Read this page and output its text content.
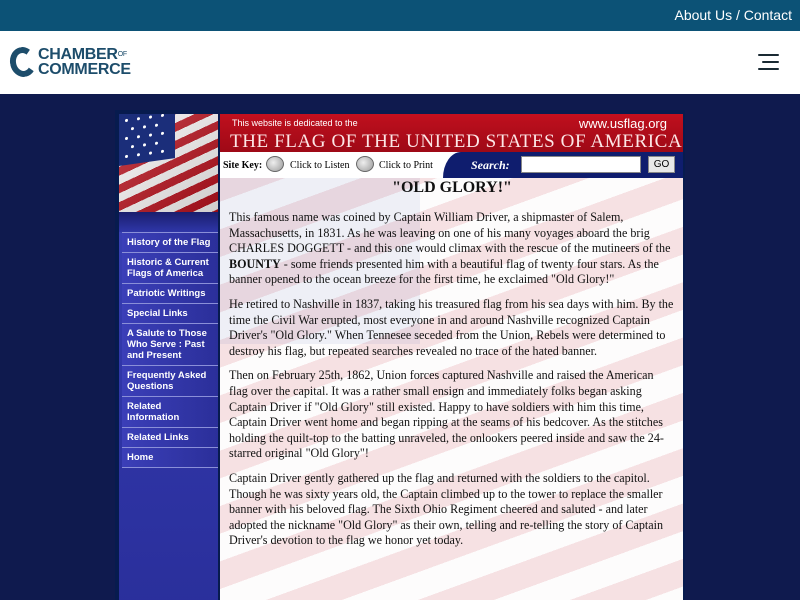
About Us / Contact
$CHAMBER^{OF}$
COMMERCE
History of the Flag
Historic & Current Flags of America
Patriotic Writings
Special Links
A Salute to Those Who Serve : Past and Present
Frequently Asked Questions
Related Information
Related Links
Home
This website is dedicated to the	www.usflag.org
THE FLAG OF THE UNITED STATES OF AMERICA
Site Key:	Click to Listen	Click to Print	Search:	GO
"OLD GLORY!"

This famous name was coined by Captain William Driver, a shipmaster of Salem, Massachusetts, in 1831. As he was leaving on one of his many voyages aboard the brig CHARLES DOGGETT - and this one would climax with the rescue of the mutineers of the BOUNTY - some friends presented him with a beautiful flag of twenty four stars. As the banner opened to the ocean breeze for the first time, he exclaimed "Old Glory!"

He retired to Nashville in 1837, taking his treasured flag from his sea days with him. By the time the Civil War erupted, most everyone in and around Nashville recognized Captain Driver's "Old Glory." When Tennesee seceded from the Union, Rebels were determined to destroy his flag, but repeated searches revealed no trace of the hated banner.

Then on February 25th, 1862, Union forces captured Nashville and raised the American flag over the capital. It was a rather small ensign and immediately folks began asking Captain Driver if "Old Glory" still existed. Happy to have soldiers with him this time, Captain Driver went home and began ripping at the seams of his bedcover. As the stitches holding the quilt-top to the batting unraveled, the onlookers peered inside and saw the 24-starred original "Old Glory"!

Captain Driver gently gathered up the flag and returned with the soldiers to the capitol. Though he was sixty years old, the Captain climbed up to the tower to replace the smaller banner with his beloved flag. The Sixth Ohio Regiment cheered and saluted - and later adopted the nickname "Old Glory" as their own, telling and re-telling the story of Captain Driver's devotion to the flag we honor yet today.
